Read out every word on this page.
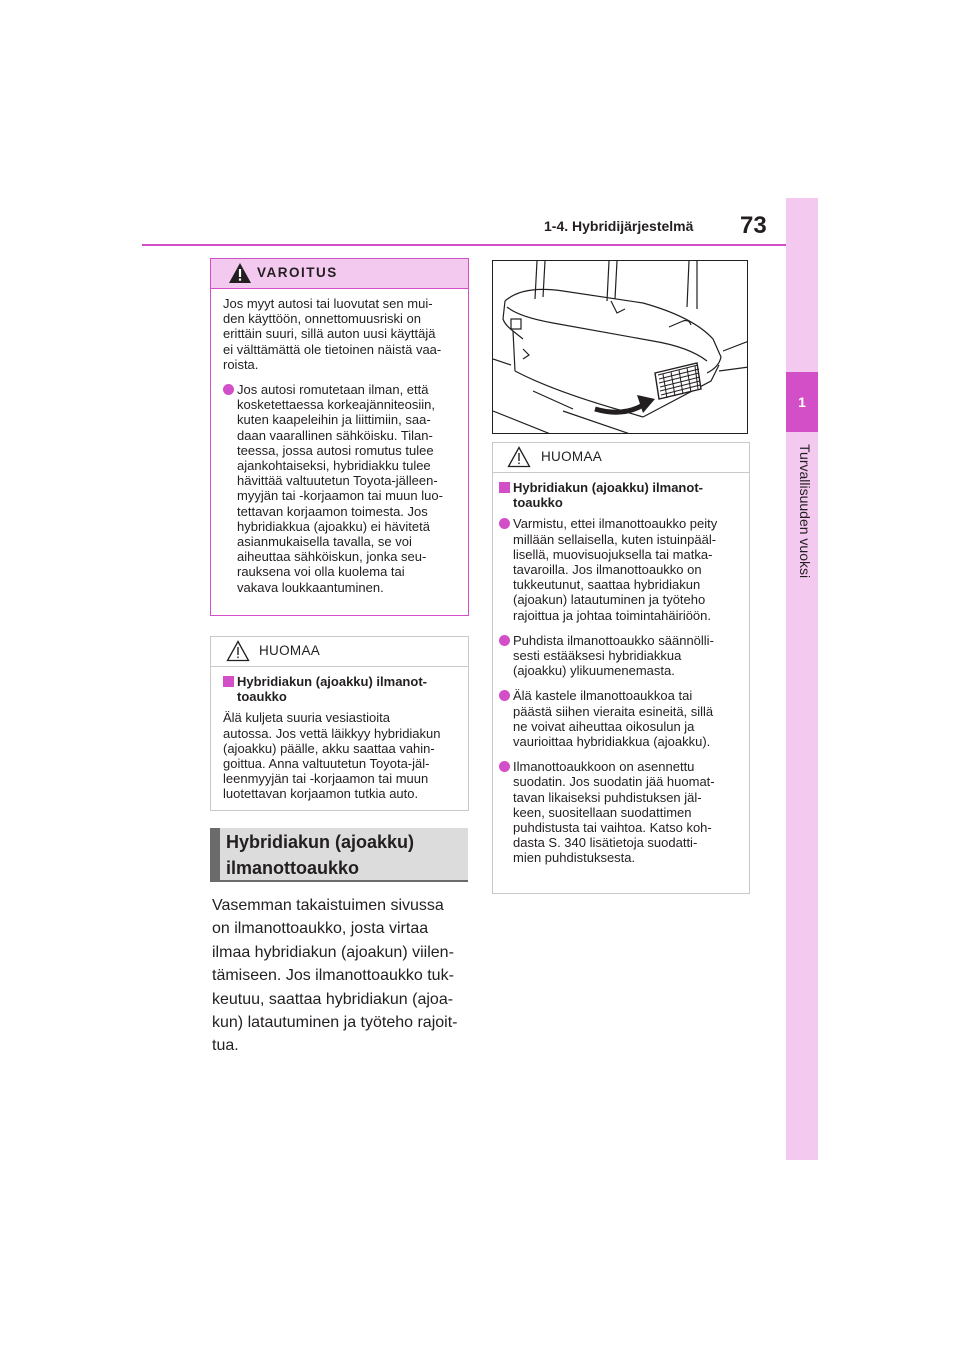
1-4. Hybridijärjestelmä 73
1
Turvallisuuden vuoksi
VAROITUS

Jos myyt autosi tai luovutat sen mui-
den käyttöön, onnettomuusriski on
erittäin suuri, sillä auton uusi käyttäjä
ei välttämättä ole tietoinen näistä vaa-
roista.

Jos autosi romutetaan ilman, että
kosketettaessa korkeajänniteosiin,
kuten kaapeleihin ja liittimiin, saa-
daan vaarallinen sähköisku. Tilan-
teessa, jossa autosi romutus tulee
ajankohtaiseksi, hybridiakku tulee
hävittää valtuutetun Toyota-jälleen-
myyjän tai -korjaamon tai muun luo-
tettavan korjaamon toimesta. Jos
hybridiakkua (ajoakku) ei hävitetä
asianmukaisella tavalla, se voi
aiheuttaa sähköiskun, jonka seu-
rauksena voi olla kuolema tai
vakava loukkaantuminen.
HUOMAA
Hybridiakun (ajoakku) ilmanot-
toaukko

Älä kuljeta suuria vesiastioita
autossa. Jos vettä läikkyy hybridiakun
(ajoakku) päälle, akku saattaa vahin-
goittua. Anna valtuutetun Toyota-jäl-
leenmyyjän tai -korjaamon tai muun
luotettavan korjaamon tutkia auto.

Hybridiakun (ajoakku)
ilmanottoaukko

Vasemman takaistuimen sivussa
on ilmanottoaukko, josta virtaa
ilmaa hybridiakun (ajoakun) viilen-
tämiseen. Jos ilmanottoaukko tuk-
keutuu, saattaa hybridiakun (ajoa-
kun) latautuminen ja työteho rajoit-
tua.

HUOMAA
Hybridiakun (ajoakku) ilmanot-
toaukko
Varmistu, ettei ilmanottoaukko peity
millään sellaisella, kuten istuinpääl-
lisellä, muovisuojuksella tai matka-
tavaroilla. Jos ilmanottoaukko on
tukkeutunut, saattaa hybridiakun
(ajoakun) latautuminen ja työteho
rajoittua ja johtaa toimintahäiriöön.
Puhdista ilmanottoaukko säännölli-
sesti estääksesi hybridiakkua
(ajoakku) ylikuumenemasta.
Älä kastele ilmanottoaukkoa tai
päästä siihen vieraita esineitä, sillä
ne voivat aiheuttaa oikosulun ja
vaurioittaa hybridiakkua (ajoakku).
Ilmanottoaukkoon on asennettu
suodatin. Jos suodatin jää huomat-
tavan likaiseksi puhdistuksen jäl-
keen, suositellaan suodattimen
puhdistusta tai vaihtoa. Katso koh-
dasta S. 340 lisätietoja suodatti-
mien puhdistuksesta.
